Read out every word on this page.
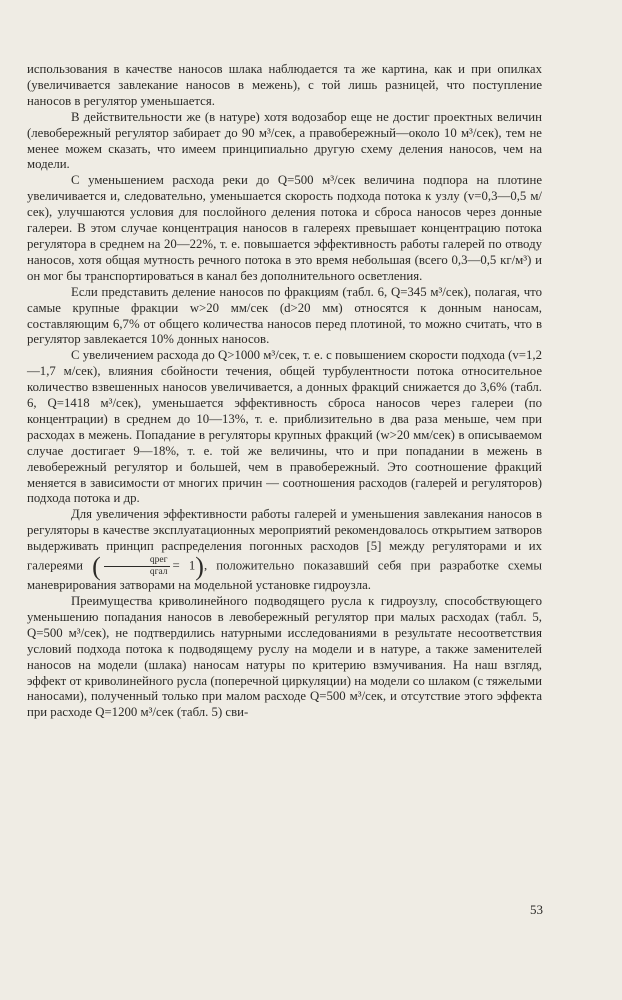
использования в качестве наносов шлака наблюдается та же картина, как и при опилках (увеличивается завлекание наносов в межень), с той лишь разницей, что поступление наносов в регулятор уменьшается.

В действительности же (в натуре) хотя водозабор еще не достиг проектных величин (левобережный регулятор забирает до 90 м³/сек, а правобережный—около 10 м³/сек), тем не менее можем сказать, что имеем принципиально другую схему деления наносов, чем на модели.

С уменьшением расхода реки до Q=500 м³/сек величина подпора на плотине увеличивается и, следовательно, уменьшается скорость подхода потока к узлу (v=0,3—0,5 м/сек), улучшаются условия для послойного деления потока и сброса наносов через донные галереи. В этом случае концентрация наносов в галереях превышает концентрацию потока регулятора в среднем на 20—22%, т. е. повышается эффективность работы галерей по отводу наносов, хотя общая мутность речного потока в это время небольшая (всего 0,3—0,5 кг/м³) и он мог бы транспортироваться в канал без дополнительного осветления.

Если представить деление наносов по фракциям (табл. 6, Q=345 м³/сек), полагая, что самые крупные фракции w>20 мм/сек (d>20 мм) относятся к донным наносам, составляющим 6,7% от общего количества наносов перед плотиной, то можно считать, что в регулятор завлекается 10% донных наносов.

С увеличением расхода до Q>1000 м³/сек, т. е. с повышением скорости подхода (v=1,2—1,7 м/сек), влияния сбойности течения, общей турбулентности потока относительное количество взвешенных наносов увеличивается, а донных фракций снижается до 3,6% (табл. 6, Q=1418 м³/сек), уменьшается эффективность сброса наносов через галереи (по концентрации) в среднем до 10—13%, т. е. приблизительно в два раза меньше, чем при расходах в межень. Попадание в регуляторы крупных фракций (w>20 мм/сек) в описываемом случае достигает 9—18%, т. е. той же величины, что и при попадании в межень в левобережный регулятор и большей, чем в правобережный. Это соотношение фракций меняется в зависимости от многих причин — соотношения расходов (галерей и регуляторов) подхода потока и др.

Для увеличения эффективности работы галерей и уменьшения завлекания наносов в регуляторы в качестве эксплуатационных мероприятий рекомендовалось открытием затворов выдерживать принцип распределения погонных расходов [5] между регуляторами и их галереями ( $\frac{\text{qрег}}{\text{qгал}} = 1$), положительно показавший себя при разработке схемы маневрирования затворами на модельной установке гидроузла.

Преимущества криволинейного подводящего русла к гидроузлу, способствующего уменьшению попадания наносов в левобережный регулятор при малых расходах (табл. 5, Q=500 м³/сек), не подтвердились натурными исследованиями в результате несоответствия условий подхода потока к подводящему руслу на модели и в натуре, а также заменителей наносов на модели (шлака) наносам натуры по критерию взмучивания. На наш взгляд, эффект от криволинейного русла (поперечной циркуляции) на модели со шлаком (с тяжелыми наносами), полученный только при малом расходе Q=500 м³/сек, и отсутствие этого эффекта при расходе Q=1200 м³/сек (табл. 5) сви-

53
